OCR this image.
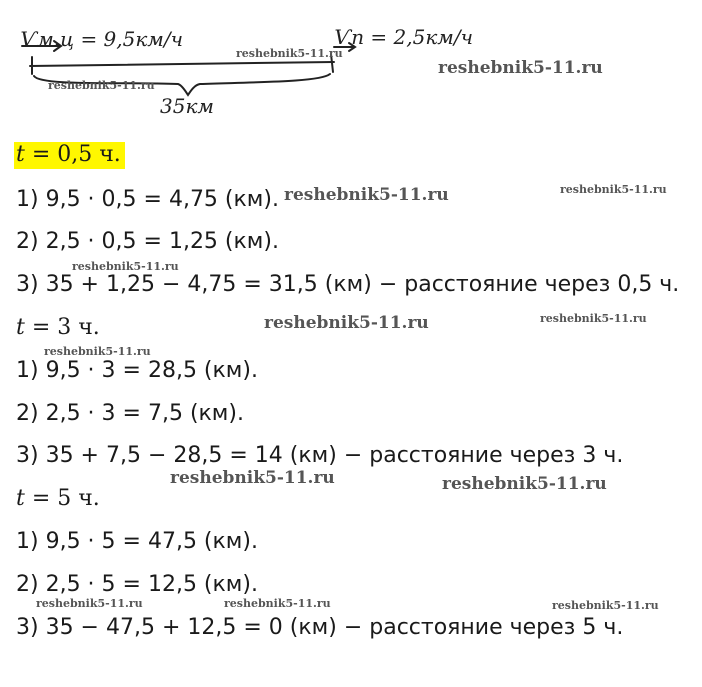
Ѵм.ц = 9,5км/ч	Ѵп = 2,5км/ч
35км
t = 0,5 ч.
1) 9,5 · 0,5 = 4,75 (км).
2) 2,5 · 0,5 = 1,25 (км).
3) 35 + 1,25 − 4,75 = 31,5 (км) − расстояние через 0,5 ч.
t = 3 ч.
1) 9,5 · 3 = 28,5 (км).
2) 2,5 · 3 = 7,5 (км).
3) 35 + 7,5 − 28,5 = 14 (км) − расстояние через 3 ч.
t = 5 ч.
1) 9,5 · 5 = 47,5 (км).
2) 2,5 · 5 = 12,5 (км).
3) 35 − 47,5 + 12,5 = 0 (км) − расстояние через 5 ч.
reshebnik5-11.ru
reshebnik5-11.ru
reshebnik5-11.ru
reshebnik5-11.ru	reshebnik5-11.ru
reshebnik5-11.ru
reshebnik5-11.ru	reshebnik5-11.ru
reshebnik5-11.ru
reshebnik5-11.ru	reshebnik5-11.ru
reshebnik5-11.ru	reshebnik5-11.ru	reshebnik5-11.ru
